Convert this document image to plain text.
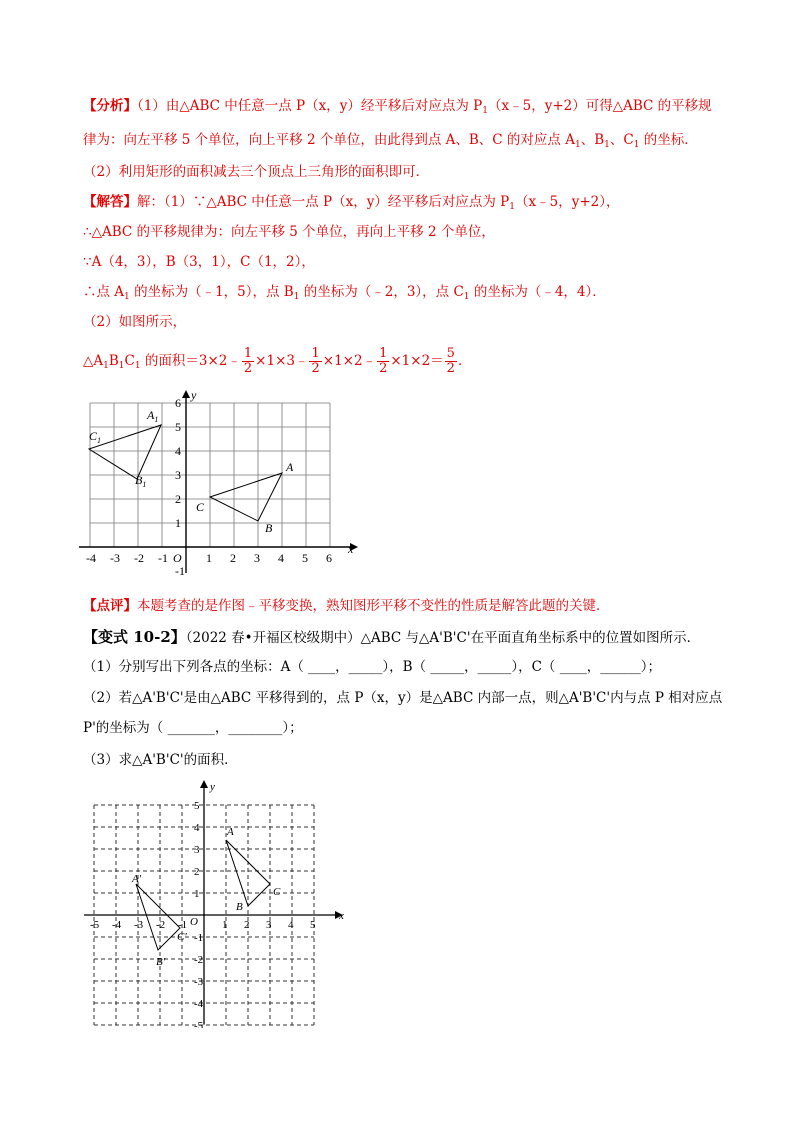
【分析】（1）由△ABC 中任意一点 P（x，y）经平移后对应点为 $P_1(x﹣5$，y+2）可得△ABC 的平移规
律为：向左平移 5 个单位，向上平移 2 个单位，由此得到点 A、B、C 的对应点 $A_1$、$B_1$、$C_1$ 的坐标．
（2）利用矩形的面积减去三个顶点上三角形的面积即可．
【解答】解：（1）∵△ABC 中任意一点 P（x，y）经平移后对应点为 $P_1(x﹣5$，y+2），
∴△ABC 的平移规律为：向左平移 5 个单位，再向上平移 2 个单位，
∵A（4，3），B（3，1），C（1，2），
∴点 $A_1$ 的坐标为（﹣1，5），点 $B_1$ 的坐标为（﹣2，3），点 $C_1$ 的坐标为（﹣4，4）．
（2）如图所示，
$\triangle A_1B_1C_1$ 的面积＝3×2﹣ $\frac{1}{2}$ ×1×3﹣ $\frac{1}{2}$ ×1×2﹣ $\frac{1}{2} \times 1\times 2= \frac{5}{2}$ ．
-4 -3 -2 -1	1 2 3 4 5 6
-1
1
2
3
4
5
6
x
y
O
$A_1$
$C_1$
$B_1$
A
B
C
【点评】本题考查的是作图﹣平移变换，熟知图形平移不变性的性质是解答此题的关键．
【变式 10-2】（2022 春•开福区校级期中）△ABC 与△A'B'C'在平面直角坐标系中的位置如图所示．
（1）分别写出下列各点的坐标：A（ ____，_____），B（ _____，_____），C（ ____，______）；
（2）若△A'B'C'是由△ABC 平移得到的，点 P（x，y）是△ABC 内部一点，则△A'B'C'内与点 P 相对应点
P'的坐标为（ _______，________）；
（3）求△A'B'C'的面积．
-5 -4 -3 -2 -1	1 2 3 4 5
-5
-4
-3
-2
-1
1
2
3
4
5
x
y
O
A
B
C
A'
B'
C'
